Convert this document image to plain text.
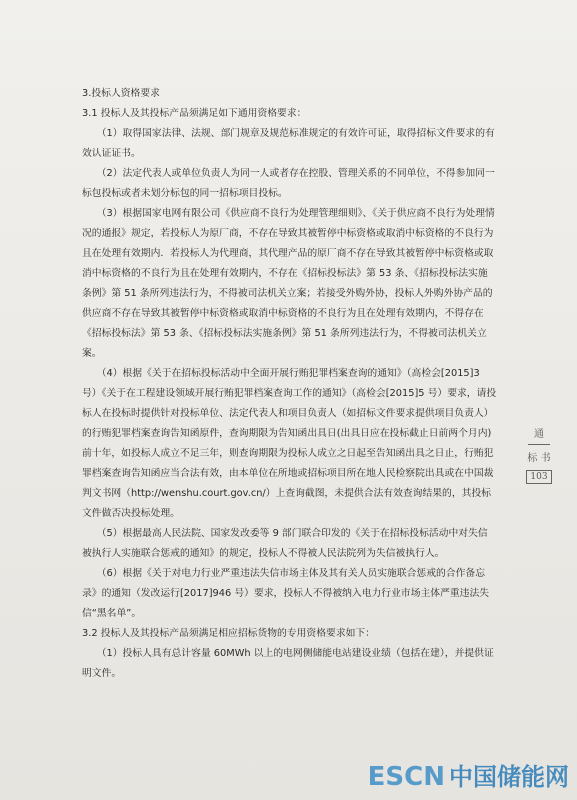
3.投标人资格要求

3.1 投标人及其投标产品须满足如下通用资格要求：

（1）取得国家法律、法规、部门规章及规范标准规定的有效许可证，取得招标文件要求的有效认证证书。

（2）法定代表人或单位负责人为同一人或者存在控股、管理关系的不同单位，不得参加同一标包投标或者未划分标包的同一招标项目投标。

（3）根据国家电网有限公司《供应商不良行为处理管理细则》、《关于供应商不良行为处理情况的通报》规定，若投标人为原厂商，不存在导致其被暂停中标资格或取消中标资格的不良行为且在处理有效期内．若投标人为代理商，其代理产品的原厂商不存在导致其被暂停中标资格或取消中标资格的不良行为且在处理有效期内，不存在《招标投标法》第 53 条、《招标投标法实施条例》第 51 条所列违法行为，不得被司法机关立案；若接受外购外协，投标人外购外协产品的供应商不存在导致其被暂停中标资格或取消中标资格的不良行为且在处理有效期内，不得存在《招标投标法》第 53 条、《招标投标法实施条例》第 51 条所列违法行为，不得被司法机关立案。

（4）根据《关于在招标投标活动中全面开展行贿犯罪档案查询的通知》（高检会[2015]3 号）《关于在工程建设领域开展行贿犯罪档案查询工作的通知》（高检会[2015]5 号）要求，请投标人在投标时提供针对投标单位、法定代表人和项目负责人（如招标文件要求提供项目负责人）的行贿犯罪档案查询告知函原件，查询期限为告知函出具日(出具日应在投标截止日前两个月内)前十年，如投标人成立不足三年，则查询期限为投标人成立之日起至告知函出具之日止，行贿犯罪档案查询告知函应当合法有效，由本单位在所地或招标项目所在地人民检察院出具或在中国裁判文书网（http://wenshu.court.gov.cn/）上查询截图，未提供合法有效查询结果的，其投标文件做否决投标处理。

（5）根据最高人民法院、国家发改委等 9 部门联合印发的《关于在招标投标活动中对失信被执行人实施联合惩戒的通知》的规定，投标人不得被人民法院列为失信被执行人。

（6）根据《关于对电力行业严重违法失信市场主体及其有关人员实施联合惩戒的合作备忘录》的通知（发改运行[2017]946 号）要求，投标人不得被纳入电力行业市场主体严重违法失信“黑名单”。

3.2 投标人及其投标产品须满足相应招标货物的专用资格要求如下：

（1）投标人具有总计容量 60MWh 以上的电网侧储能电站建设业绩（包括在建），并提供证明文件。

通
标 书
103
ESCN 中国储能网
